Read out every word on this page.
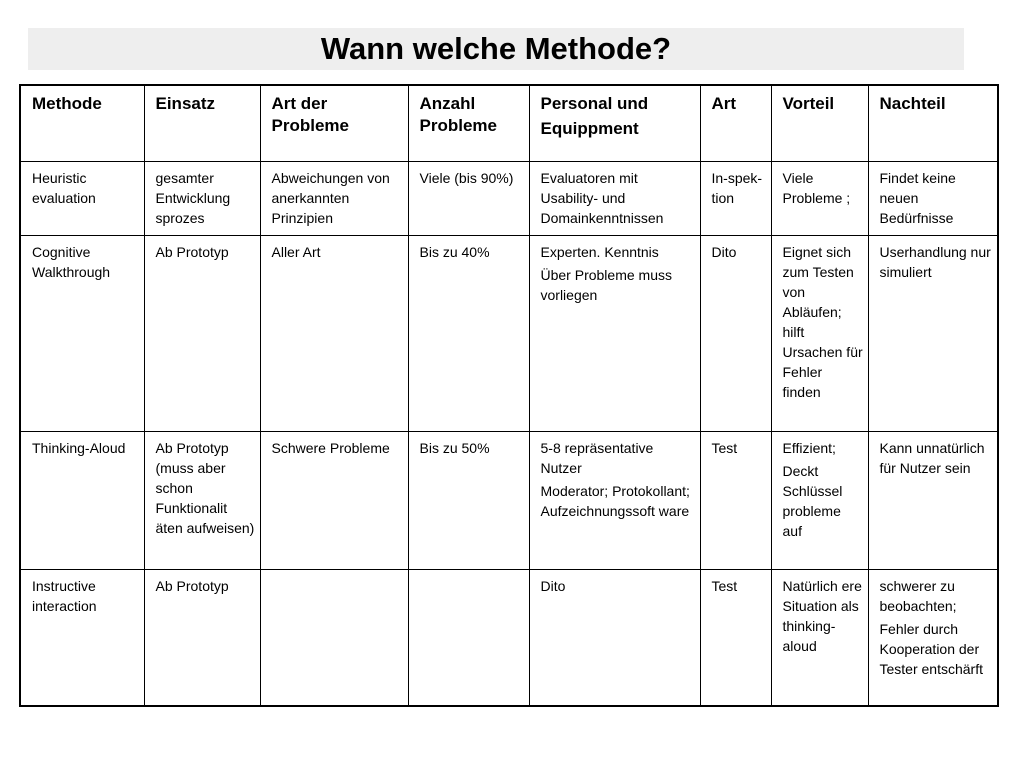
Wann welche Methode?
Methode	Einsatz	Art der Probleme	Anzahl Probleme	Personal und
Equippment	Art	Vorteil	Nachteil

Heuristic evaluation	gesamter Entwicklung sprozes	Abweichungen von anerkannten Prinzipien	Viele (bis 90%)	Evaluatoren mit Usability- und Domainkenntnissen	In-spek-tion	Viele Probleme ;	Findet keine neuen Bedürfnisse

Cognitive Walkthrough	Ab Prototyp	Aller Art	Bis zu 40%	Experten. Kenntnis
Über Probleme muss vorliegen	Dito	Eignet sich zum Testen von Abläufen; hilft Ursachen für Fehler finden	Userhandlung nur simuliert

Thinking-Aloud	Ab Prototyp (muss aber schon Funktionalit äten aufweisen)	Schwere Probleme	Bis zu 50%	5-8 repräsentative Nutzer
Moderator; Protokollant; Aufzeichnungssoft ware	Test	Effizient;
Deckt Schlüssel probleme auf	Kann unnatürlich für Nutzer sein

Instructive interaction	Ab Prototyp			Dito	Test	Natürlich ere Situation als thinking-aloud	schwerer zu beobachten;
Fehler durch Kooperation der Tester entschärft
